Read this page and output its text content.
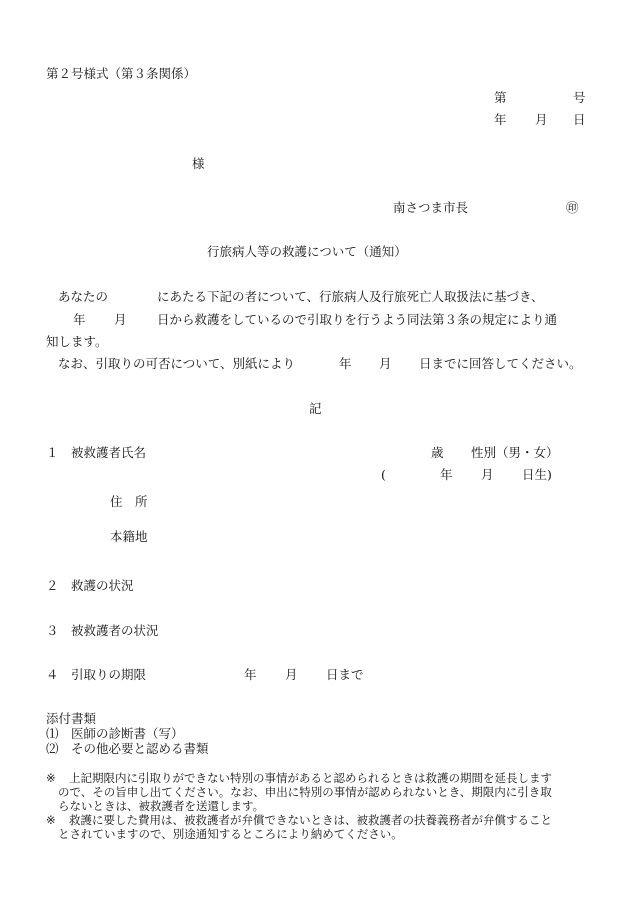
第２号様式（第３条関係）
第	号
年 月 日
様
南さつま市長	㊞
行旅病人等の救護について（通知）
あなたの	にあたる下記の者について、行旅病人及行旅死亡人取扱法に基づき、
年 月 日から救護をしているので引取りを行うよう同法第３条の規定により通
知します。
なお、引取りの可否について、別紙により	年 月 日までに回答してください。
記
１ 被救護者氏名	歳 性別（男・女）
(	年 月 日生)
住　所
本籍地
２ 救護の状況
３ 被救護者の状況
４ 引取りの期限	年 月 日まで
添付書類
⑴ 医師の診断書（写）
⑵ その他必要と認める書類
※ 上記期限内に引取りができない特別の事情があると認められるときは救護の期間を延長します
ので、その旨申し出てください。なお、申出に特別の事情が認められないとき、期限内に引き取
らないときは、被救護者を送還します。
※ 救護に要した費用は、被救護者が弁償できないときは、被救護者の扶養義務者が弁償すること
とされていますので、別途通知するところにより納めてください。
